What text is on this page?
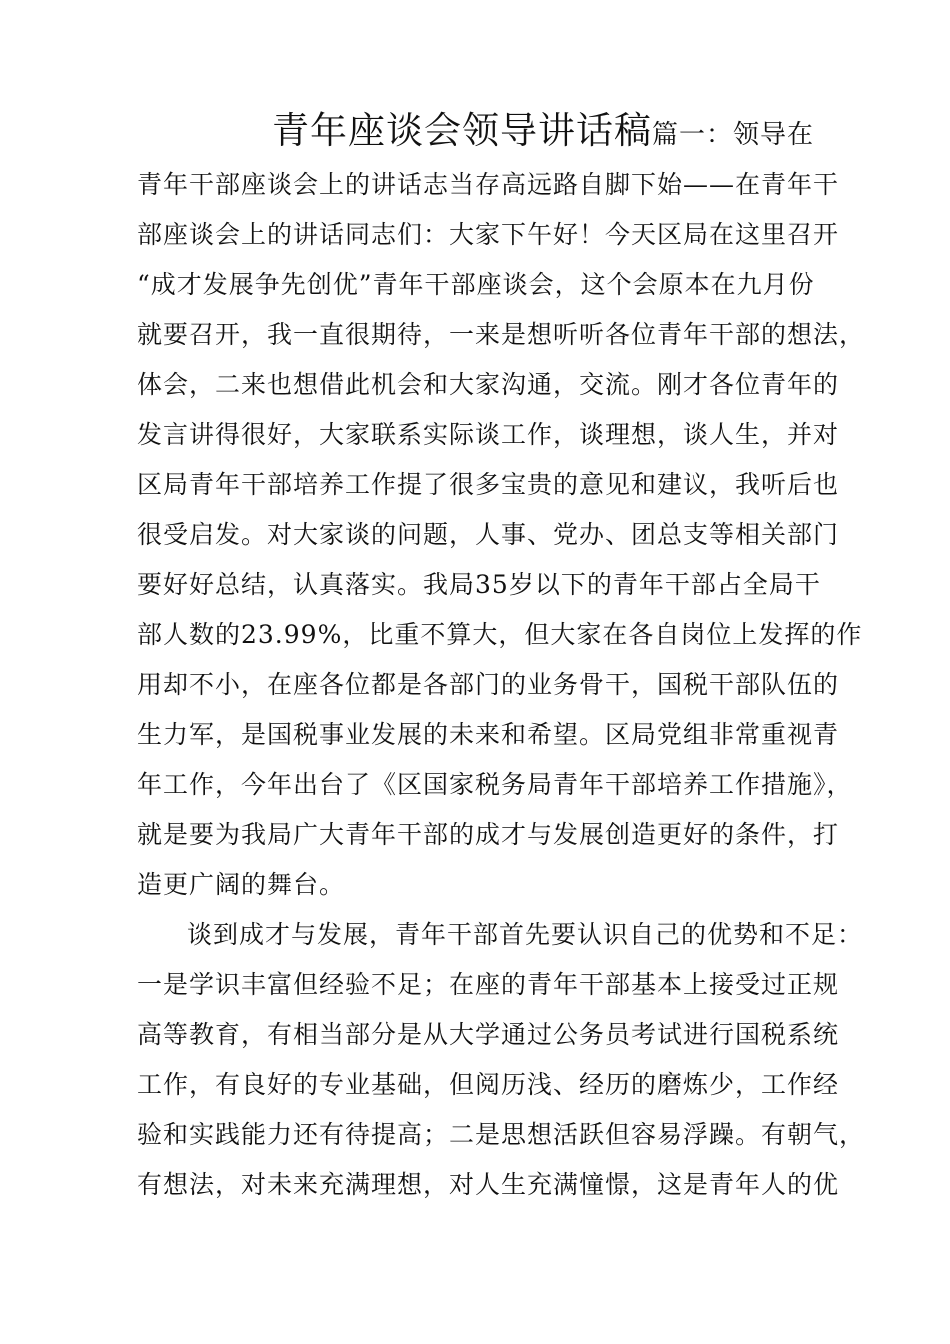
青年座谈会领导讲话稿篇一：领导在
青年干部座谈会上的讲话志当存高远路自脚下始——在青年干
部座谈会上的讲话同志们：大家下午好！今天区局在这里召开
“成才发展争先创优”青年干部座谈会，这个会原本在九月份
就要召开，我一直很期待，一来是想听听各位青年干部的想法，
体会，二来也想借此机会和大家沟通，交流。刚才各位青年的
发言讲得很好，大家联系实际谈工作，谈理想，谈人生，并对
区局青年干部培养工作提了很多宝贵的意见和建议，我听后也
很受启发。对大家谈的问题，人事、党办、团总支等相关部门
要好好总结，认真落实。我局35岁以下的青年干部占全局干
部人数的23.99%，比重不算大，但大家在各自岗位上发挥的作
用却不小，在座各位都是各部门的业务骨干，国税干部队伍的
生力军，是国税事业发展的未来和希望。区局党组非常重视青
年工作，今年出台了《区国家税务局青年干部培养工作措施》，
就是要为我局广大青年干部的成才与发展创造更好的条件，打
造更广阔的舞台。
谈到成才与发展，青年干部首先要认识自己的优势和不足：
一是学识丰富但经验不足；在座的青年干部基本上接受过正规
高等教育，有相当部分是从大学通过公务员考试进行国税系统
工作，有良好的专业基础，但阅历浅、经历的磨炼少，工作经
验和实践能力还有待提高；二是思想活跃但容易浮躁。有朝气，
有想法，对未来充满理想，对人生充满憧憬，这是青年人的优
